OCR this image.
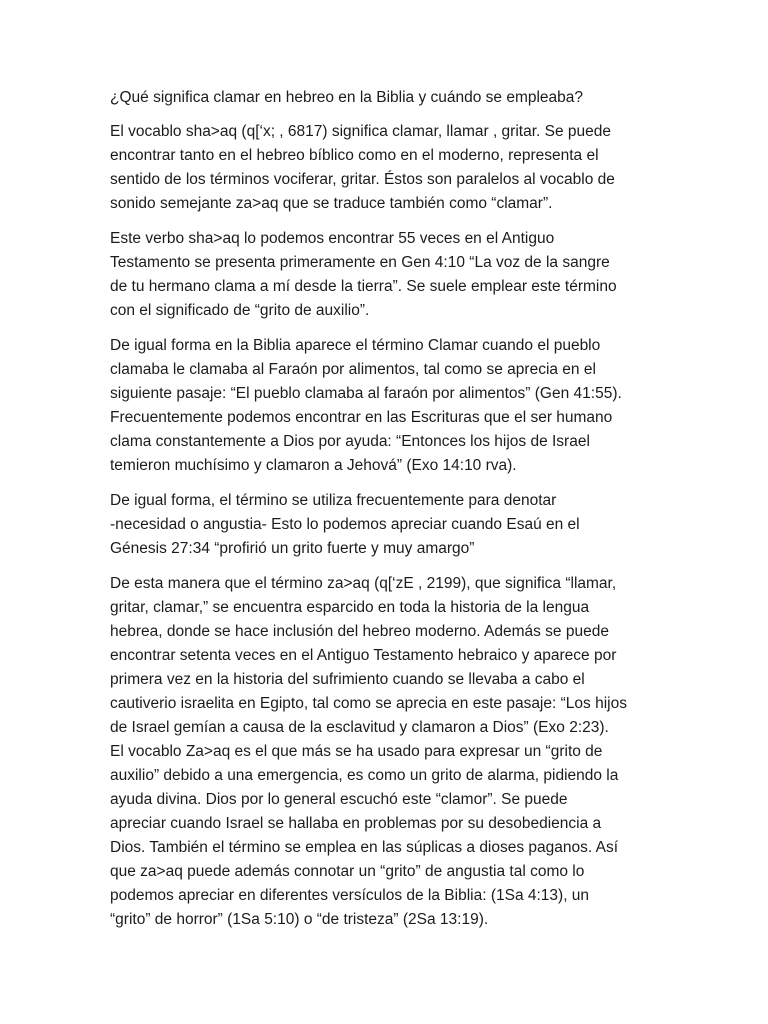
¿Qué significa clamar en hebreo en la Biblia y cuándo se empleaba?

El vocablo sha>aq (q[‘x; , 6817) significa clamar, llamar , gritar. Se puede
encontrar tanto en el hebreo bíblico como en el moderno, representa el
sentido de los términos vociferar, gritar. Éstos son paralelos al vocablo de
sonido semejante za>aq que se traduce también como “clamar”.

Este verbo sha>aq lo podemos encontrar 55 veces en el Antiguo
Testamento se presenta primeramente en Gen 4:10 “La voz de la sangre
de tu hermano clama a mí desde la tierra”. Se suele emplear este término
con el significado de “grito de auxilio”.

De igual forma en la Biblia aparece el término Clamar cuando el pueblo
clamaba le clamaba al Faraón por alimentos, tal como se aprecia en el
siguiente pasaje: “El pueblo clamaba al faraón por alimentos” (Gen 41:55).
Frecuentemente podemos encontrar en las Escrituras que el ser humano
clama constantemente a Dios por ayuda: “Entonces los hijos de Israel
temieron muchísimo y clamaron a Jehová” (Exo 14:10 rva).

De igual forma, el término se utiliza frecuentemente para denotar
-necesidad o angustia- Esto lo podemos apreciar cuando Esaú en el
Génesis 27:34 “profirió un grito fuerte y muy amargo”

De esta manera que el término za>aq (q[‘zE , 2199), que significa “llamar,
gritar, clamar,” se encuentra esparcido en toda la historia de la lengua
hebrea, donde se hace inclusión del hebreo moderno. Además se puede
encontrar setenta veces en el Antiguo Testamento hebraico y aparece por
primera vez en la historia del sufrimiento cuando se llevaba a cabo el
cautiverio israelita en Egipto, tal como se aprecia en este pasaje: “Los hijos
de Israel gemían a causa de la esclavitud y clamaron a Dios” (Exo 2:23).
El vocablo Za>aq es el que más se ha usado para expresar un “grito de
auxilio” debido a una emergencia, es como un grito de alarma, pidiendo la
ayuda divina. Dios por lo general escuchó este “clamor”. Se puede
apreciar cuando Israel se hallaba en problemas por su desobediencia a
Dios. También el término se emplea en las súplicas a dioses paganos. Así
que za>aq puede además connotar un “grito” de angustia tal como lo
podemos apreciar en diferentes versículos de la Biblia: (1Sa 4:13), un
“grito” de horror” (1Sa 5:10) o “de tristeza” (2Sa 13:19).
